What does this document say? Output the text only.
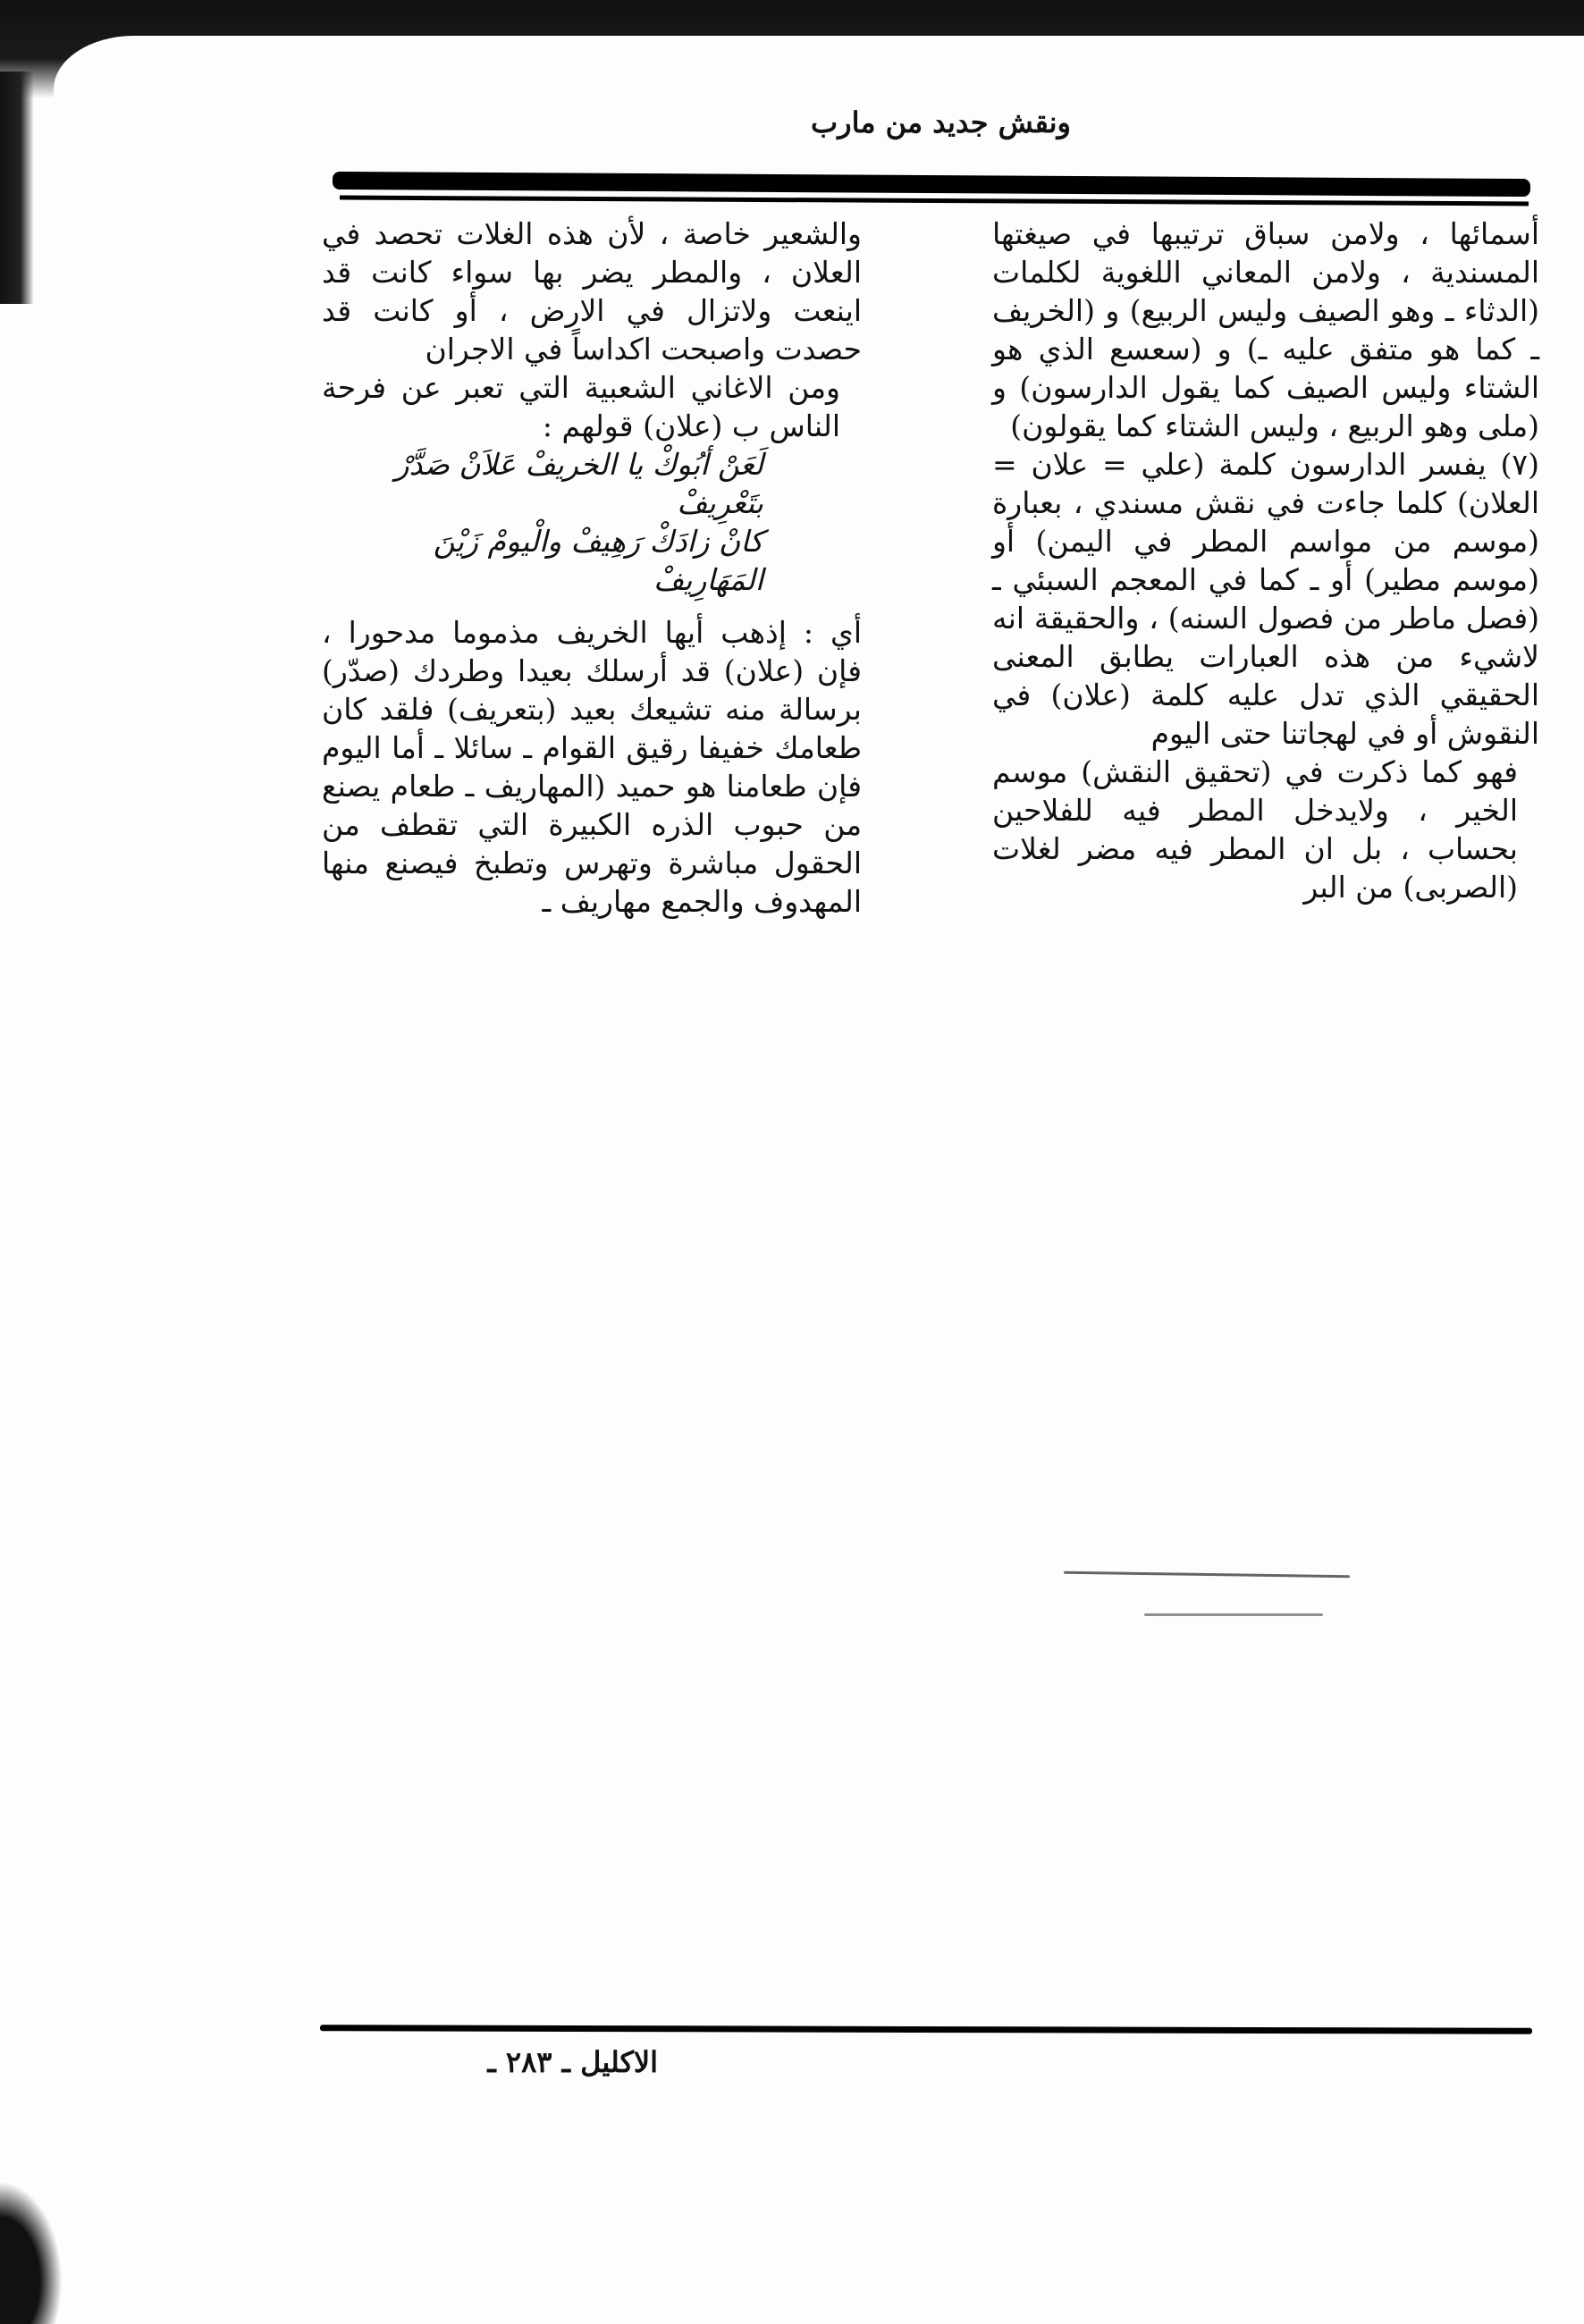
ونقش جديد من مارب

أسمائها ، ولامن سباق ترتيبها في صيغتها المسندية ، ولامن المعاني اللغوية لكلمات (الدثاء ـ وهو الصيف وليس الربيع) و (الخريف ـ كما هو متفق عليه ـ) و (سعسع الذي هو الشتاء وليس الصيف كما يقول الدارسون) و (ملى وهو الربيع ، وليس الشتاء كما يقولون)

(٧) يفسر الدارسون كلمة (علي = علان = العلان) كلما جاءت في نقش مسندي ، بعبارة (موسم من مواسم المطر في اليمن) أو (موسم مطير) أو ـ كما في المعجم السبئي ـ (فصل ماطر من فصول السنه) ، والحقيقة انه لاشيء من هذه العبارات يطابق المعنى الحقيقي الذي تدل عليه كلمة (علان) في النقوش أو في لهجاتنا حتى اليوم

فهو كما ذكرت في (تحقيق النقش) موسم الخير ، ولايدخل المطر فيه للفلاحين بحساب ، بل ان المطر فيه مضر لغلات (الصربى) من البر

والشعير خاصة ، لأن هذه الغلات تحصد في العلان ، والمطر يضر بها سواء كانت قد اينعت ولاتزال في الارض ، أو كانت قد حصدت واصبحت اكداساً في الاجران

ومن الاغاني الشعبية التي تعبر عن فرحة الناس ب (علان) قولهم :

لَعَنْ أبُوكْ يا الخريفْ عَلاَنْ صَدَّرْ بتَعْرِيفْ

كانْ زادَكْ رَهِيفْ والْيومْ زَيْنَ المَهَارِيفْ

أي : إذهب أيها الخريف مذموما مدحورا ، فإن (علان) قد أرسلك بعيدا وطردك (صدّر) برسالة منه تشيعك بعيد (بتعريف) فلقد كان طعامك خفيفا رقيق القوام ـ سائلا ـ أما اليوم فإن طعامنا هو حميد (المهاريف ـ طعام يصنع من حبوب الذره الكبيرة التي تقطف من الحقول مباشرة وتهرس وتطبخ فيصنع منها المهدوف والجمع مهاريف ـ

الاكليل ـ ٢٨٣ ـ
